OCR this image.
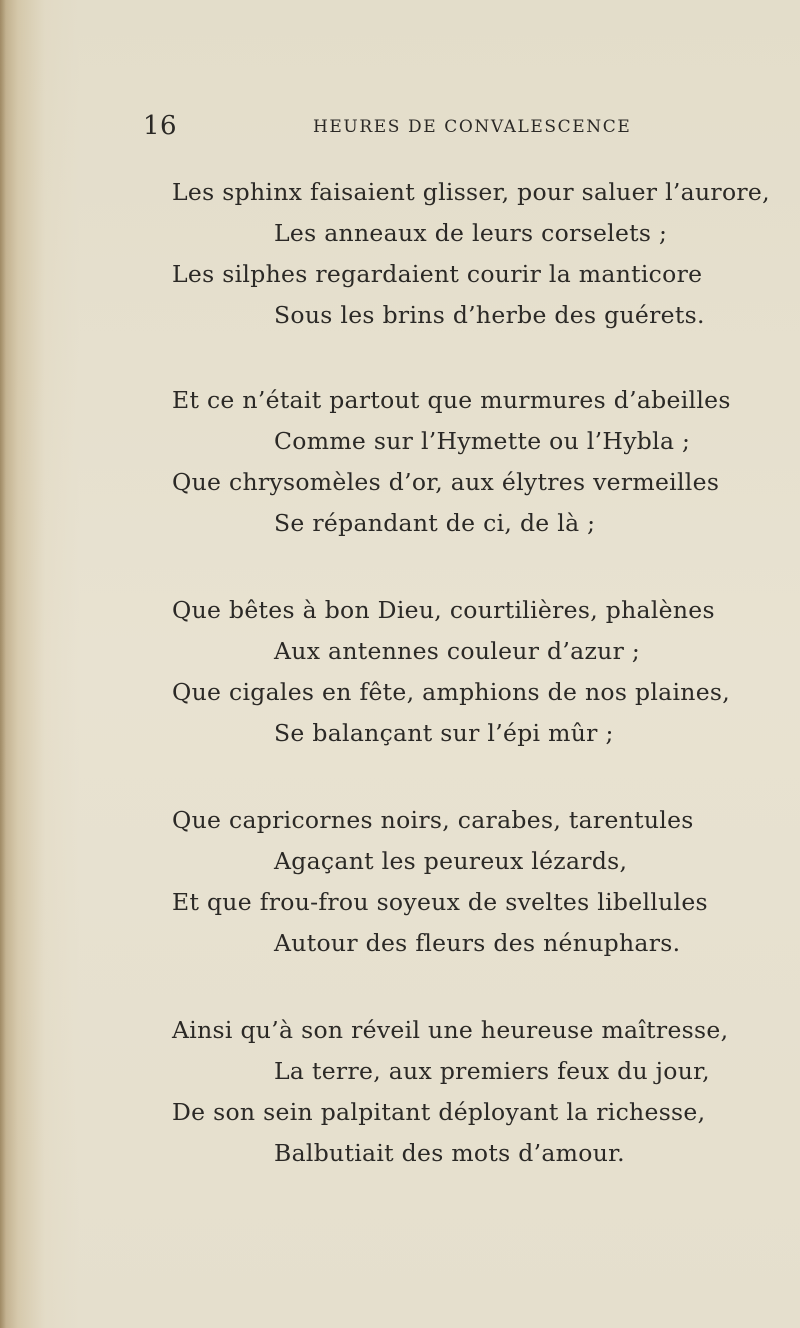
16	HEURES DE CONVALESCENCE
Les sphinx faisaient glisser, pour saluer l’aurore,
Les anneaux de leurs corselets ;
Les silphes regardaient courir la manticore
Sous les brins d’herbe des guérets.
Et ce n’était partout que murmures d’abeilles
Comme sur l’Hymette ou l’Hybla ;
Que chrysomèles d’or, aux élytres vermeilles
Se répandant de ci, de là ;
Que bêtes à bon Dieu, courtilières, phalènes
Aux antennes couleur d’azur ;
Que cigales en fête, amphions de nos plaines,
Se balançant sur l’épi mûr ;
Que capricornes noirs, carabes, tarentules
Agaçant les peureux lézards,
Et que frou-frou soyeux de sveltes libellules
Autour des fleurs des nénuphars.
Ainsi qu’à son réveil une heureuse maîtresse,
La terre, aux premiers feux du jour,
De son sein palpitant déployant la richesse,
Balbutiait des mots d’amour.
